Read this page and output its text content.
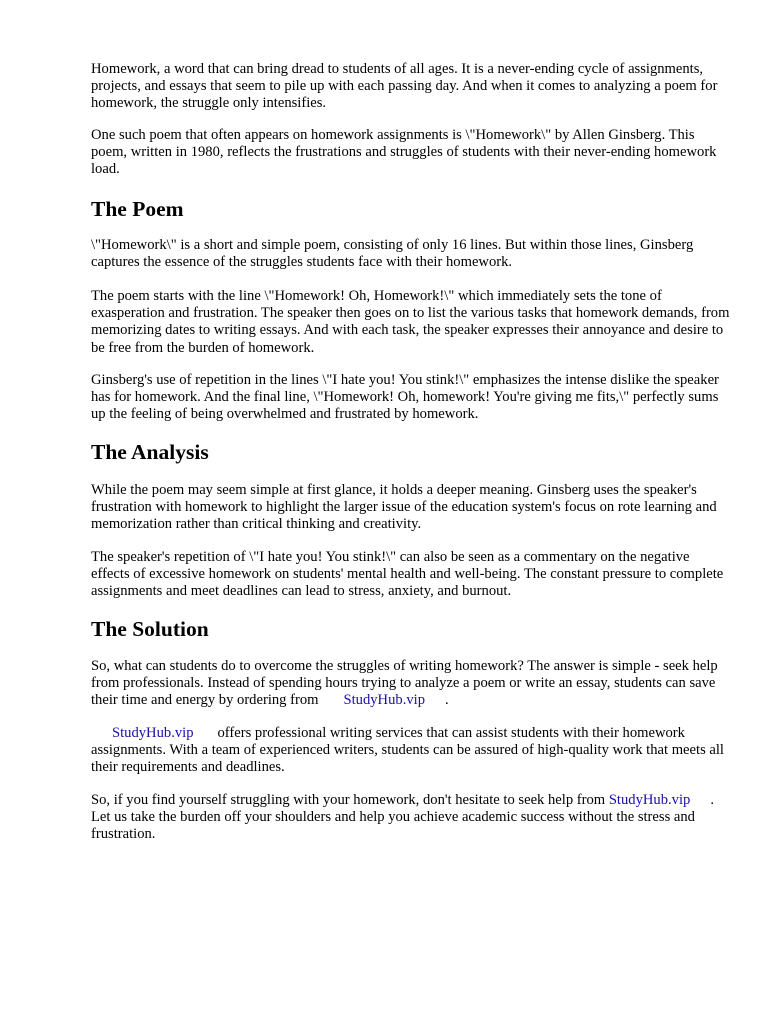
Homework, a word that can bring dread to students of all ages. It is a never-ending cycle of assignments, projects, and essays that seem to pile up with each passing day. And when it comes to analyzing a poem for homework, the struggle only intensifies.

One such poem that often appears on homework assignments is \"Homework\" by Allen Ginsberg. This poem, written in 1980, reflects the frustrations and struggles of students with their never-ending homework load.

The Poem

\"Homework\" is a short and simple poem, consisting of only 16 lines. But within those lines, Ginsberg captures the essence of the struggles students face with their homework.

The poem starts with the line \"Homework! Oh, Homework!\" which immediately sets the tone of exasperation and frustration. The speaker then goes on to list the various tasks that homework demands, from memorizing dates to writing essays. And with each task, the speaker expresses their annoyance and desire to be free from the burden of homework.

Ginsberg's use of repetition in the lines \"I hate you! You stink!\" emphasizes the intense dislike the speaker has for homework. And the final line, \"Homework! Oh, homework! You're giving me fits,\" perfectly sums up the feeling of being overwhelmed and frustrated by homework.

The Analysis

While the poem may seem simple at first glance, it holds a deeper meaning. Ginsberg uses the speaker's frustration with homework to highlight the larger issue of the education system's focus on rote learning and memorization rather than critical thinking and creativity.

The speaker's repetition of \"I hate you! You stink!\" can also be seen as a commentary on the negative effects of excessive homework on students' mental health and well-being. The constant pressure to complete assignments and meet deadlines can lead to stress, anxiety, and burnout.

The Solution

So, what can students do to overcome the struggles of writing homework? The answer is simple - seek help from professionals. Instead of spending hours trying to analyze a poem or write an essay, students can save their time and energy by ordering from StudyHub.vip .

StudyHub.vip offers professional writing services that can assist students with their homework assignments. With a team of experienced writers, students can be assured of high-quality work that meets all their requirements and deadlines.

So, if you find yourself struggling with your homework, don't hesitate to seek help from StudyHub.vip . Let us take the burden off your shoulders and help you achieve academic success without the stress and frustration.
